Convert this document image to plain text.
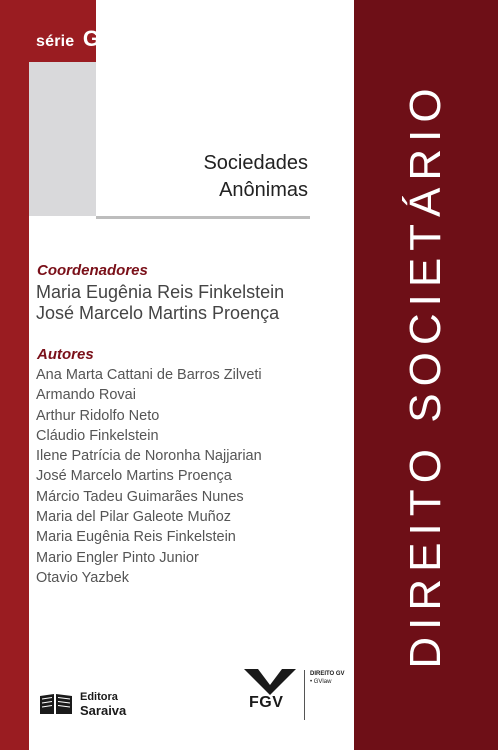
série GVlaw
Sociedades
Anônimas
Coordenadores
Maria Eugênia Reis Finkelstein
José Marcelo Martins Proença
Autores
Ana Marta Cattani de Barros Zilveti
Armando Rovai
Arthur Ridolfo Neto
Cláudio Finkelstein
Ilene Patrícia de Noronha Najjarian
José Marcelo Martins Proença
Márcio Tadeu Guimarães Nunes
Maria del Pilar Galeote Muñoz
Maria Eugênia Reis Finkelstein
Mario Engler Pinto Junior
Otavio Yazbek
Editora
Saraiva	FGV
DIREITO GV
• GVlaw
DIREITO SOCIETÁRIO
